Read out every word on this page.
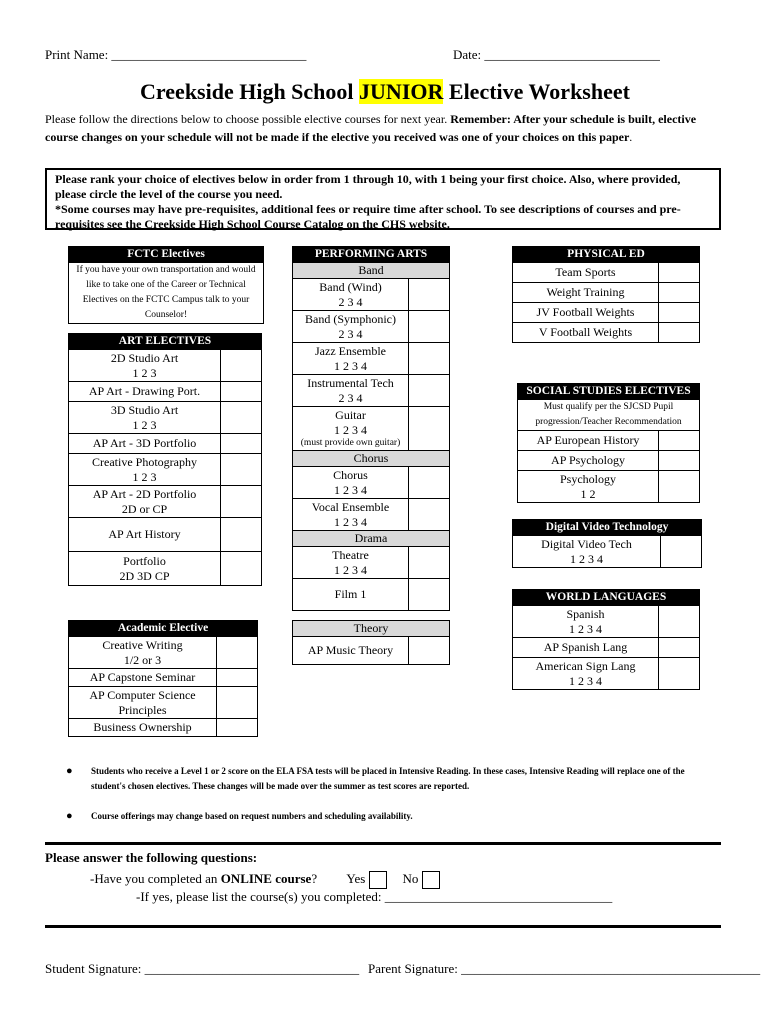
Print Name: ______________________________	Date: ___________________________
Creekside High School JUNIOR Elective Worksheet
Please follow the directions below to choose possible elective courses for next year. Remember: After your schedule is built, elective course changes on your schedule will not be made if the elective you received was one of your choices on this paper.
Please rank your choice of electives below in order from 1 through 10, with 1 being your first choice. Also, where provided, please circle the level of the course you need.
*Some courses may have pre-requisites, additional fees or require time after school. To see descriptions of courses and pre-requisites see the Creekside High School Course Catalog on the CHS website.
FCTC Electives
If you have your own transportation and would like to take one of the Career or Technical Electives on the FCTC Campus talk to your Counselor!
ART ELECTIVES	

2D Studio Art
1 2 3	

AP Art - Drawing Port.	

3D Studio Art
1 2 3	

AP Art - 3D Portfolio	

Creative Photography
1 2 3	

AP Art - 2D Portfolio
2D or CP	

AP Art History	

Portfolio
2D 3D CP	

Academic Elective	

Creative Writing
1/2 or 3	

AP Capstone Seminar	

AP Computer Science
Principles	

Business Ownership	

PERFORMING ARTS	
Band	

Band (Wind)
2 3 4	

Band (Symphonic)
2 3 4	

Jazz Ensemble
1 2 3 4	

Instrumental Tech
2 3 4	

Guitar
1 2 3 4
(must provide own guitar)	

Chorus	

Chorus
1 2 3 4	

Vocal Ensemble
1 2 3 4	

Drama	

Theatre
1 2 3 4	

Film 1	

Theory

AP Music Theory

PHYSICAL ED	
Team Sports	
Weight Training	
JV Football Weights	
V Football Weights	
SOCIAL STUDIES ELECTIVES	
Must qualify per the SJCSD Pupil progression/Teacher Recommendation	

AP European History	

AP Psychology	

Psychology
1 2	

Digital Video Technology

Digital Video Tech
1 2 3 4

WORLD LANGUAGES	

Spanish
1 2 3 4	

AP Spanish Lang	

American Sign Lang
1 2 3 4	

● Students who receive a Level 1 or 2 score on the ELA FSA tests will be placed in Intensive Reading. In these cases, Intensive Reading will replace one of the student's chosen electives. These changes will be made over the summer as test scores are reported.
● Course offerings may change based on request numbers and scheduling availability.
Please answer the following questions:
-Have you completed an ONLINE course? Yes	No
-If yes, please list the course(s) you completed: ___________________________________
Student Signature: _________________________________ Parent Signature: ______________________________________________
